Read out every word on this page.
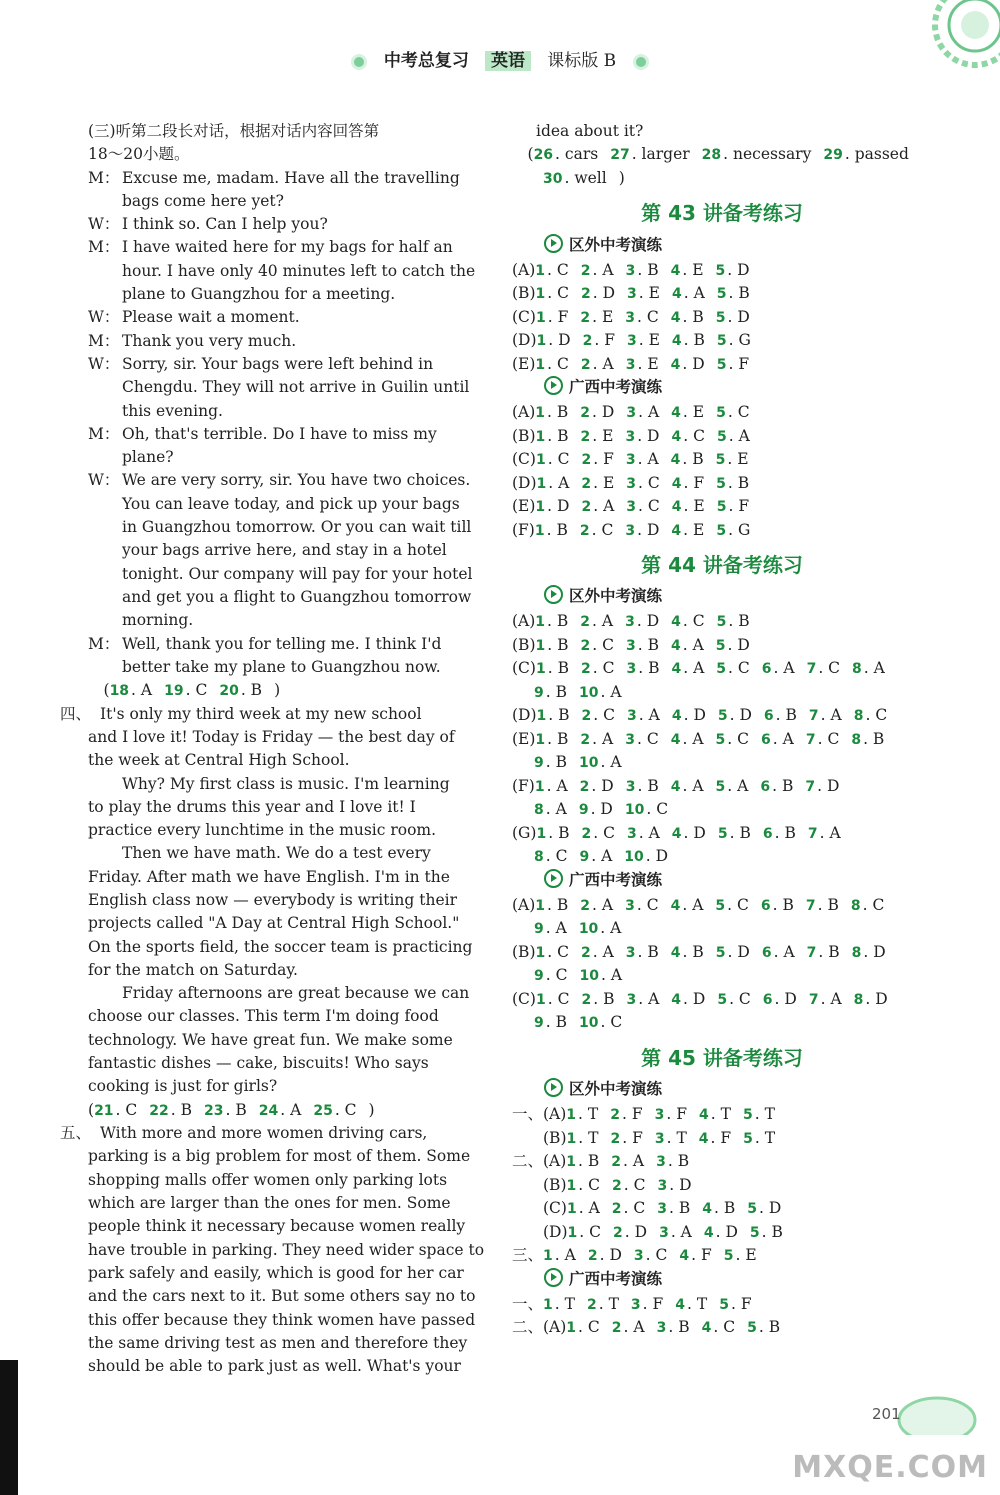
中考总复习 英语 课标版 B
(三)听第二段长对话，根据对话内容回答第
18～20小题。
M： Excuse me, madam. Have all the travelling
bags come here yet?
W： I think so. Can I help you?
M： I have waited here for my bags for half an
hour. I have only 40 minutes left to catch the
plane to Guangzhou for a meeting.
W： Please wait a moment.
M： Thank you very much.
W： Sorry, sir. Your bags were left behind in
Chengdu. They will not arrive in Guilin until
this evening.
M： Oh, that's terrible. Do I have to miss my
plane?
W： We are very sorry, sir. You have two choices.
You can leave today, and pick up your bags
in Guangzhou tomorrow. Or you can wait till
your bags arrive here, and stay in a hotel
tonight. Our company will pay for your hotel
and get you a flight to Guangzhou tomorrow
morning.
M： Well, thank you for telling me. I think I'd
better take my plane to Guangzhou now.
　(18 . A 19 . C 20 . B )
四、 It's only my third week at my new school
and I love it! Today is Friday — the best day of
the week at Central High School.
Why? My first class is music. I'm learning
to play the drums this year and I love it! I
practice every lunchtime in the music room.
Then we have math. We do a test every
Friday. After math we have English. I'm in the
English class now — everybody is writing their
projects called "A Day at Central High School."
On the sports field, the soccer team is practicing
for the match on Saturday.
Friday afternoons are great because we can
choose our classes. This term I'm doing food
technology. We have great fun. We make some
fantastic dishes — cake, biscuits! Who says
cooking is just for girls?
(21 . C 22 . B 23 . B 24 . A 25 . C )
五、 With more and more women driving cars,
parking is a big problem for most of them. Some
shopping malls offer women only parking lots
which are larger than the ones for men. Some
people think it necessary because women really
have trouble in parking. They need wider space to
park safely and easily, which is good for her car
and the cars next to it. But some others say no to
this offer because they think women have passed
the same driving test as men and therefore they
should be able to park just as well. What's your
idea about it?
　(26 . cars 27 . larger 28 . necessary 29 . passed
　　30 . well )
第 43 讲备考练习
区外中考演练
(A)1 . C 2 . A 3 . B 4 . E 5 . D
(B)1 . C 2 . D 3 . E 4 . A 5 . B
(C)1 . F 2 . E 3 . C 4 . B 5 . D
(D)1 . D 2 . F 3 . E 4 . B 5 . G
(E)1 . C 2 . A 3 . E 4 . D 5 . F
广西中考演练
(A)1 . B 2 . D 3 . A 4 . E 5 . C
(B)1 . B 2 . E 3 . D 4 . C 5 . A
(C)1 . C 2 . F 3 . A 4 . B 5 . E
(D)1 . A 2 . E 3 . C 4 . F 5 . B
(E)1 . D 2 . A 3 . C 4 . E 5 . F
(F)1 . B 2 . C 3 . D 4 . E 5 . G
第 44 讲备考练习
区外中考演练
(A)1 . B 2 . A 3 . D 4 . C 5 . B
(B)1 . B 2 . C 3 . B 4 . A 5 . D
(C)1 . B 2 . C 3 . B 4 . A 5 . C 6 . A 7 . C 8 . A
9 . B 10 . A
(D)1 . B 2 . C 3 . A 4 . D 5 . D 6 . B 7 . A 8 . C
(E)1 . B 2 . A 3 . C 4 . A 5 . C 6 . A 7 . C 8 . B
9 . B 10 . A
(F)1 . A 2 . D 3 . B 4 . A 5 . A 6 . B 7 . D
8 . A 9 . D 10 . C
(G)1 . B 2 . C 3 . A 4 . D 5 . B 6 . B 7 . A
8 . C 9 . A 10 . D
广西中考演练
(A)1 . B 2 . A 3 . C 4 . A 5 . C 6 . B 7 . B 8 . C
9 . A 10 . A
(B)1 . C 2 . A 3 . B 4 . B 5 . D 6 . A 7 . B 8 . D
9 . C 10 . A
(C)1 . C 2 . B 3 . A 4 . D 5 . C 6 . D 7 . A 8 . D
9 . B 10 . C
第 45 讲备考练习
区外中考演练
一、(A)1 . T 2 . F 3 . F 4 . T 5 . T
　　(B)1 . T 2 . F 3 . T 4 . F 5 . T
二、(A)1 . B 2 . A 3 . B
　　(B)1 . C 2 . C 3 . D
　　(C)1 . A 2 . C 3 . B 4 . B 5 . D
　　(D)1 . C 2 . D 3 . A 4 . D 5 . B
三、1 . A 2 . D 3 . C 4 . F 5 . E
广西中考演练
一、1 . T 2 . T 3 . F 4 . T 5 . F
二、(A)1 . C 2 . A 3 . B 4 . C 5 . B
201
MXQE.COM
